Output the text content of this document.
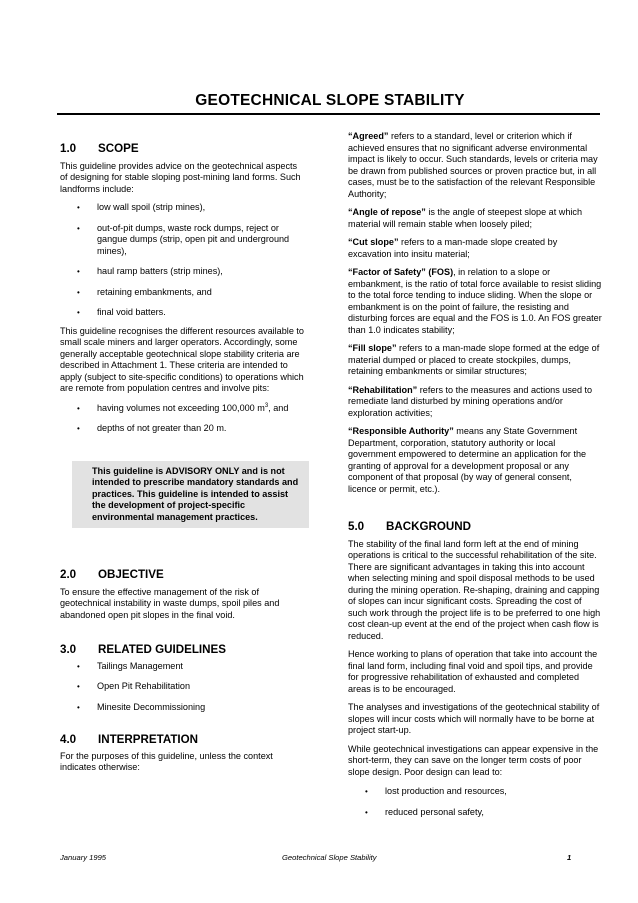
GEOTECHNICAL SLOPE STABILITY
1.0	SCOPE

This guideline provides advice on the geotechnical aspects of designing for stable sloping post-mining land forms. Such landforms include:

•	low wall spoil (strip mines),
•	out-of-pit dumps, waste rock dumps, reject or gangue dumps (strip, open pit and underground mines),
•	haul ramp batters (strip mines),
•	retaining embankments, and
•	final void batters.

This guideline recognises the different resources available to small scale miners and larger operators. Accordingly, some generally acceptable geotechnical slope stability criteria are described in Attachment 1. These criteria are intended to apply (subject to site-specific conditions) to operations which are remote from population centres and involve pits:

•	having volumes not exceeding 100,000 $m^3$, and
•	depths of not greater than 20 m.
This guideline is ADVISORY ONLY and is not intended to prescribe mandatory standards and practices. This guideline is intended to assist the development of project-specific environmental management practices.
2.0	OBJECTIVE

To ensure the effective management of the risk of geotechnical instability in waste dumps, spoil piles and abandoned open pit slopes in the final void.

3.0	RELATED GUIDELINES
•	Tailings Management
•	Open Pit Rehabilitation
•	Minesite Decommissioning
4.0	INTERPRETATION

For the purposes of this guideline, unless the context indicates otherwise:

“Agreed” refers to a standard, level or criterion which if achieved ensures that no significant adverse environmental impact is likely to occur. Such standards, levels or criteria may be drawn from published sources or proven practice but, in all cases, must be to the satisfaction of the relevant Responsible Authority;

“Angle of repose” is the angle of steepest slope at which material will remain stable when loosely piled;

“Cut slope” refers to a man-made slope created by excavation into insitu material;

“Factor of Safety” (FOS), in relation to a slope or embankment, is the ratio of total force available to resist sliding to the total force tending to induce sliding. When the slope or embankment is on the point of failure, the resisting and disturbing forces are equal and the FOS is 1.0. An FOS greater than 1.0 indicates stability;

“Fill slope” refers to a man-made slope formed at the edge of material dumped or placed to create stockpiles, dumps, retaining embankments or similar structures;

“Rehabilitation” refers to the measures and actions used to remediate land disturbed by mining operations and/or exploration activities;

“Responsible Authority” means any State Government Department, corporation, statutory authority or local government empowered to determine an application for the granting of approval for a development proposal or any component of that proposal (by way of general consent, licence or permit, etc.).

5.0	BACKGROUND

The stability of the final land form left at the end of mining operations is critical to the successful rehabilitation of the site. There are significant advantages in taking this into account when selecting mining and spoil disposal methods to be used during the mining operation. Re-shaping, draining and capping of slopes can incur significant costs. Spreading the cost of such work through the project life is to be preferred to one high cost clean-up event at the end of the project when cash flow is reduced.

Hence working to plans of operation that take into account the final land form, including final void and spoil tips, and provide for progressive rehabilitation of exhausted and completed areas is to be encouraged.

The analyses and investigations of the geotechnical stability of slopes will incur costs which will normally have to be borne at project start-up.

While geotechnical investigations can appear expensive in the short-term, they can save on the longer term costs of poor slope design. Poor design can lead to:

•	lost production and resources,
•	reduced personal safety,
January 1995	Geotechnical Slope Stability	1
